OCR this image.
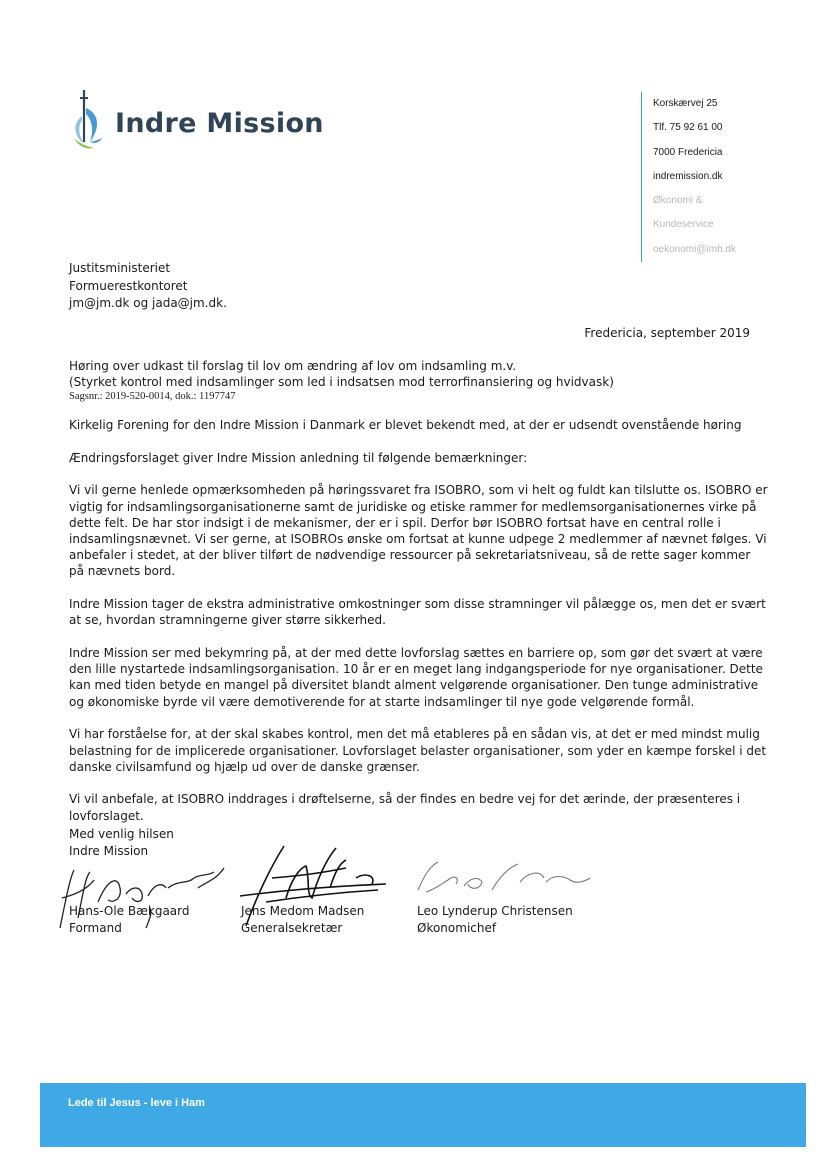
Indre Mission
Korskærvej 25
Tlf. 75 92 61 00
7000 Fredericia
indremission.dk
Økonomi &
Kundeservice
oekonomi@imh.dk
Justitsministeriet
Formuerestkontoret
jm@jm.dk og jada@jm.dk.
Fredericia, september 2019
Høring over udkast til forslag til lov om ændring af lov om indsamling m.v.
(Styrket kontrol med indsamlinger som led i indsatsen mod terrorfinansiering og hvidvask)
Sagsnr.: 2019-520-0014, dok.: 1197747

Kirkelig Forening for den Indre Mission i Danmark er blevet bekendt med, at der er udsendt ovenstående høring

Ændringsforslaget giver Indre Mission anledning til følgende bemærkninger:

Vi vil gerne henlede opmærksomheden på høringssvaret fra ISOBRO, som vi helt og fuldt kan tilslutte os. ISOBRO er vigtig for indsamlingsorganisationerne samt de juridiske og etiske rammer for medlemsorganisationernes virke på dette felt. De har stor indsigt i de mekanismer, der er i spil. Derfor bør ISOBRO fortsat have en central rolle i indsamlingsnævnet. Vi ser gerne, at ISOBROs ønske om fortsat at kunne udpege 2 medlemmer af nævnet følges. Vi anbefaler i stedet, at der bliver tilført de nødvendige ressourcer på sekretariatsniveau, så de rette sager kommer på nævnets bord.

Indre Mission tager de ekstra administrative omkostninger som disse stramninger vil pålægge os, men det er svært at se, hvordan stramningerne giver større sikkerhed.

Indre Mission ser med bekymring på, at der med dette lovforslag sættes en barriere op, som gør det svært at være den lille nystartede indsamlingsorganisation. 10 år er en meget lang indgangsperiode for nye organisationer. Dette kan med tiden betyde en mangel på diversitet blandt alment velgørende organisationer. Den tunge administrative og økonomiske byrde vil være demotiverende for at starte indsamlinger til nye gode velgørende formål.

Vi har forståelse for, at der skal skabes kontrol, men det må etableres på en sådan vis, at det er med mindst mulig belastning for de implicerede organisationer. Lovforslaget belaster organisationer, som yder en kæmpe forskel i det danske civilsamfund og hjælp ud over de danske grænser.

Vi vil anbefale, at ISOBRO inddrages i drøftelserne, så der findes en bedre vej for det ærinde, der præsenteres i lovforslaget.

Med venlig hilsen
Indre Mission
Hans-Ole Bækgaard
Formand
Jens Medom Madsen
Generalsekretær
Leo Lynderup Christensen
Økonomichef
Lede til Jesus - leve i Ham
